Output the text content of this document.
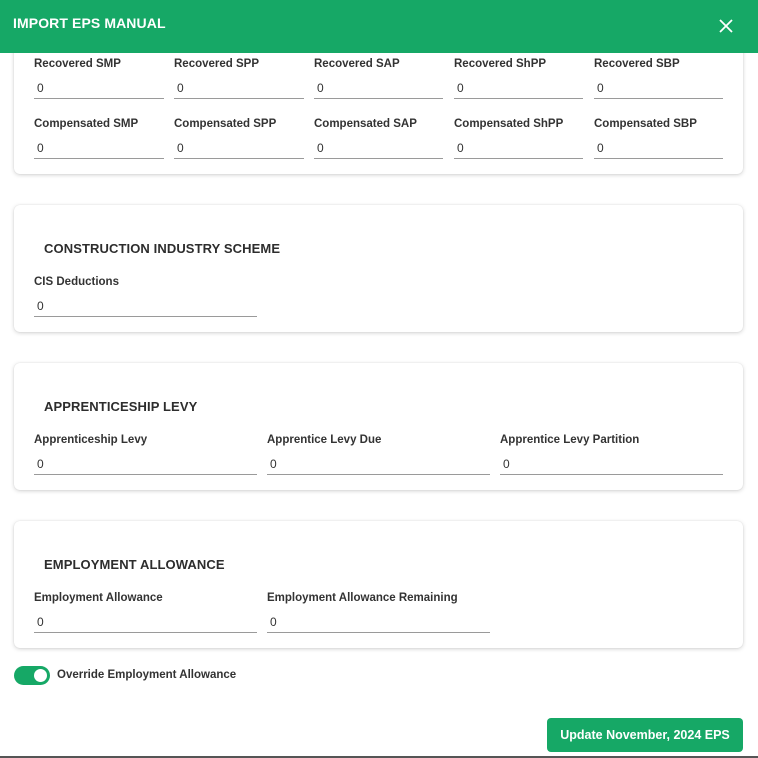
IMPORT EPS MANUAL
Recovered SMP
0	Recovered SPP
0	Recovered SAP
0	Recovered ShPP
0	Recovered SBP
0
Compensated SMP
0	Compensated SPP
0	Compensated SAP
0	Compensated ShPP
0	Compensated SBP
0
CONSTRUCTION INDUSTRY SCHEME
CIS Deductions
0
APPRENTICESHIP LEVY
Apprenticeship Levy
0	Apprentice Levy Due
0	Apprentice Levy Partition
0
EMPLOYMENT ALLOWANCE
Employment Allowance
0	Employment Allowance Remaining
0
Override Employment Allowance
Update November, 2024 EPS
